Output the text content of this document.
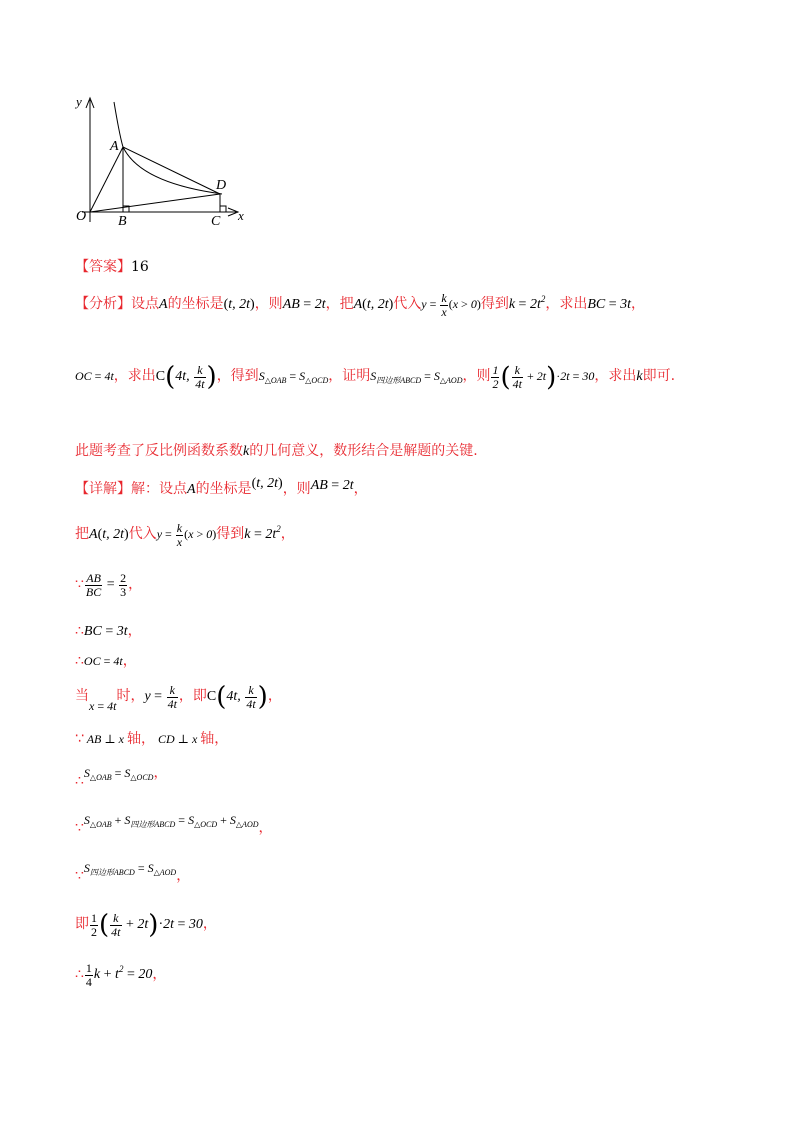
y
x
O
A
B	C
D
【答案】16
【分析】设点A的坐标是(t, 2t)，则AB = 2t，把A(t, 2t)代入$y = \frac{k}{x} (x > 0)$得到$k = 2t^2$，求出BC = 3t，
OC = 4t，求出C(4t, $\frac{k}{4t}$ )，得到$S_{\triangle OAB} = S_{\triangle OCD}$，证明$S_{四边形ABCD} = S_{\triangle AOD}$，则 $\frac{1}{2}$ ( $\frac{k}{4t} + 2t)\cdot 2t = 30$，求出k即可.
此题考查了反比例函数系数k的几何意义，数形结合是解题的关键.
【详解】解：设点A的坐标是(t, 2t)，则AB = 2t，
把A(t, 2t)代入$y = \frac{k}{x} (x > 0)$得到$k = 2t^2$，
∵ $\frac{AB}{BC} = \frac{2}{3}$ ，
∴BC = 3t，
∴OC = 4t，
当x = 4t时，$y = \frac{k}{4t}$ ，即C(4t, $\frac{k}{4t}$ )，
∵ AB ⊥ x 轴， CD ⊥ x 轴，
$\therefore S_{\triangle OAB} = S_{\triangle OCD}$，
$\because S_{\triangle OAB} + S_{四边形ABCD} = S_{\triangle OCD} + S_{\triangle AOD}$，
$\because S_{四边形ABCD} = S_{\triangle AOD}$，
即 $\frac{1}{2}$ ( $\frac{k}{4t} + 2t)\cdot 2t = 30$，
∴ $\frac{1}{4}$ $k + t^2 = 20$，
